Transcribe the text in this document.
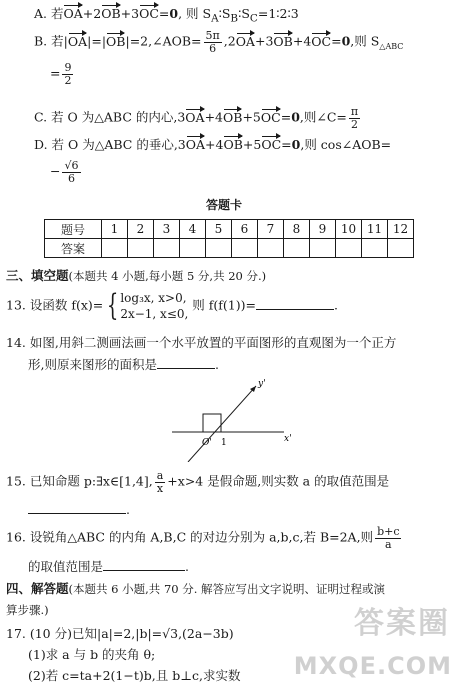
A. 若OA+2OB+3OC=0, 则 $S_A∶S_B∶S_C=1∶2∶3$
B. 若|OA|=|OB|=2,∠AOB= $\frac{5\pi}{6} ,2OA+3OB+4OC=0$,则 $S_{\triangle ABC}$
= $\frac{9}{2}$
C. 若 O 为△ABC 的内心,3OA+4OB+5OC=0,则∠C= $\frac{\pi}{2}$
D. 若 O 为△ABC 的垂心,3OA+4OB+5OC=0,则 cos∠AOB=
− $\frac{√6}{6}$
答题卡
题号	1	2	3	4	5	6	7	8	9	10	11	12
答案												
三、填空题(本题共 4 小题,每小题 5 分,共 20 分.)
13. 设函数 f(x)= { log₃x, x>0,
2x−1, x≤0,
则 f(f(1))=	.
14. 如图,用斜二测画法画一个水平放置的平面图形的直观图为一个正方
形,则原来图形的面积是	.
O' 1	x'
y'
15. 已知命题 p:∃x∈[1,4], $\frac{a}{x} +x>4$ 是假命题,则实数 a 的取值范围是
.
16. 设锐角△ABC 的内角 A,B,C 的对边分别为 a,b,c,若 B=2A,则 $\frac{b+c}{a}$
的取值范围是	.
四、解答题(本题共 6 小题,共 70 分. 解答应写出文字说明、证明过程或演
算步骤.)
17. (10 分)已知|a|=2,|b|=√3,(2a−3b)
(1)求 a 与 b 的夹角 θ;
(2)若 c=ta+2(1−t)b,且 b⊥c,求实数
答案圈
MXQE.COM
